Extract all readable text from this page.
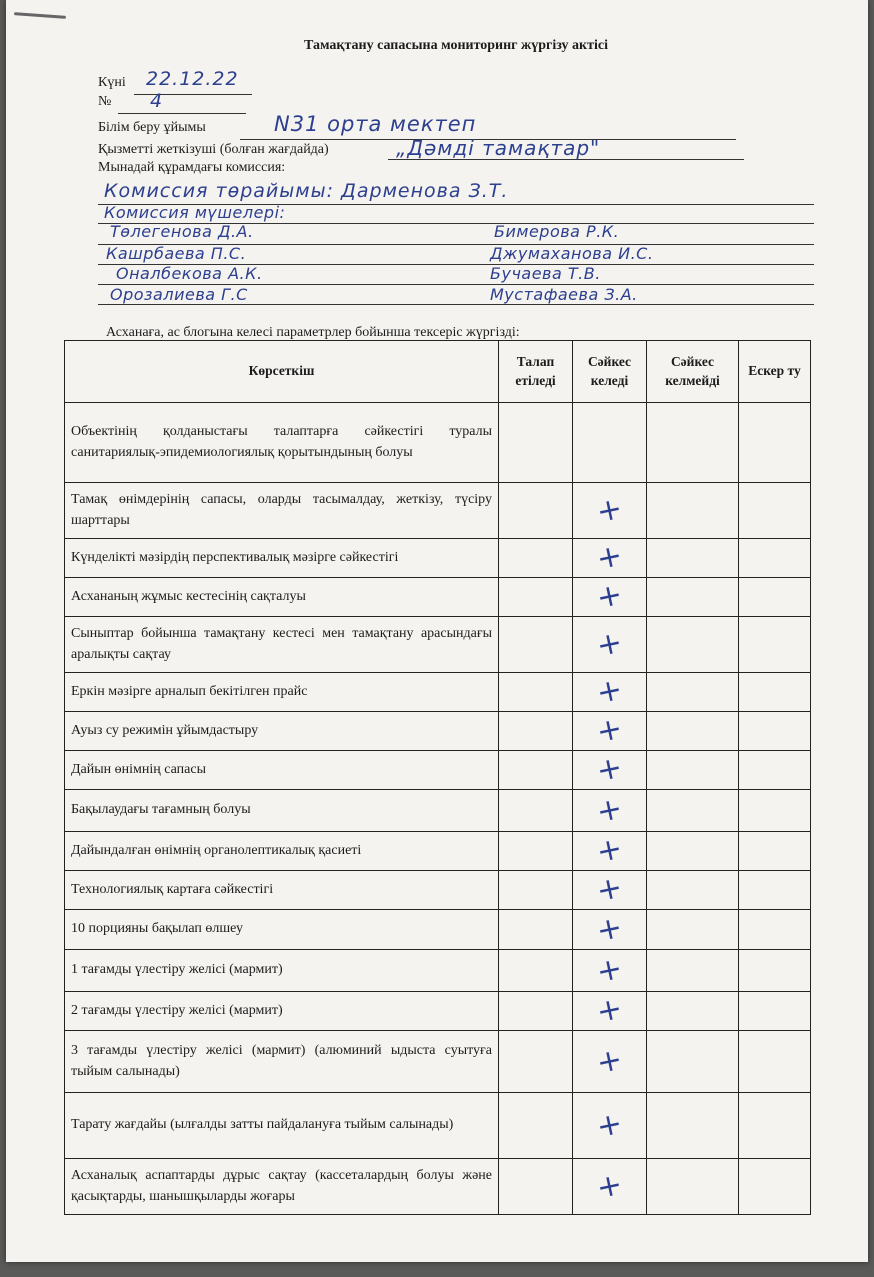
Тамақтану сапасына мониторинг жүргізу актісі
Күні 22.12.22
№ 4
Білім беру ұйымы	N31 орта мектеп
Қызметті жеткізуші (болған жағдайда)	„Дәмді тамақтар"
Мынадай құрамдағы комиссия:
Комиссия төрайымы: Дарменова З.Т.
Комиссия мүшелері:
Төлегенова Д.А.	Бимерова Р.К.
Кашрбаева П.С.	Джумаханова И.С.
Оналбекова А.К.	Бучаева Т.В.
Орозалиева Г.С	Мустафаева З.А.
Асханаға, ас блогына келесі параметрлер бойынша тексеріс жүргізді:
Көрсеткіш	Талап етіледі	Сәйкес келеді	Сәйкес келмейді	Ескер ту
Объектінің қолданыстағы талаптарға сәйкестігі туралы санитариялық-эпидемиологиялық қорытындының болуы				
Тамақ өнімдерінің сапасы, оларды тасымалдау, жеткізу, түсіру шарттары		+		
Күнделікті мәзірдің перспективалық мәзірге сәйкестігі		+		
Асхананың жұмыс кестесінің сақталуы		+		
Сыныптар бойынша тамақтану кестесі мен тамақтану арасындағы аралықты сақтау		+		
Еркін мәзірге арналып бекітілген прайс		+		
Ауыз су режимін ұйымдастыру		+		
Дайын өнімнің сапасы		+		
Бақылаудағы тағамның болуы		+		
Дайындалған өнімнің органолептикалық қасиеті		+		
Технологиялық картаға сәйкестігі		+		
10 порцияны бақылап өлшеу		+		
1 тағамды үлестіру желісі (мармит)		+		
2 тағамды үлестіру желісі (мармит)		+		
3 тағамды үлестіру желісі (мармит) (алюминий ыдыста суытуға тыйым салынады)		+		
Тарату жағдайы (ылғалды затты пайдалануға тыйым салынады)		+		
Асханалық аспаптарды дұрыс сақтау (кассеталардың болуы және қасықтарды, шанышқыларды жоғары		+		
